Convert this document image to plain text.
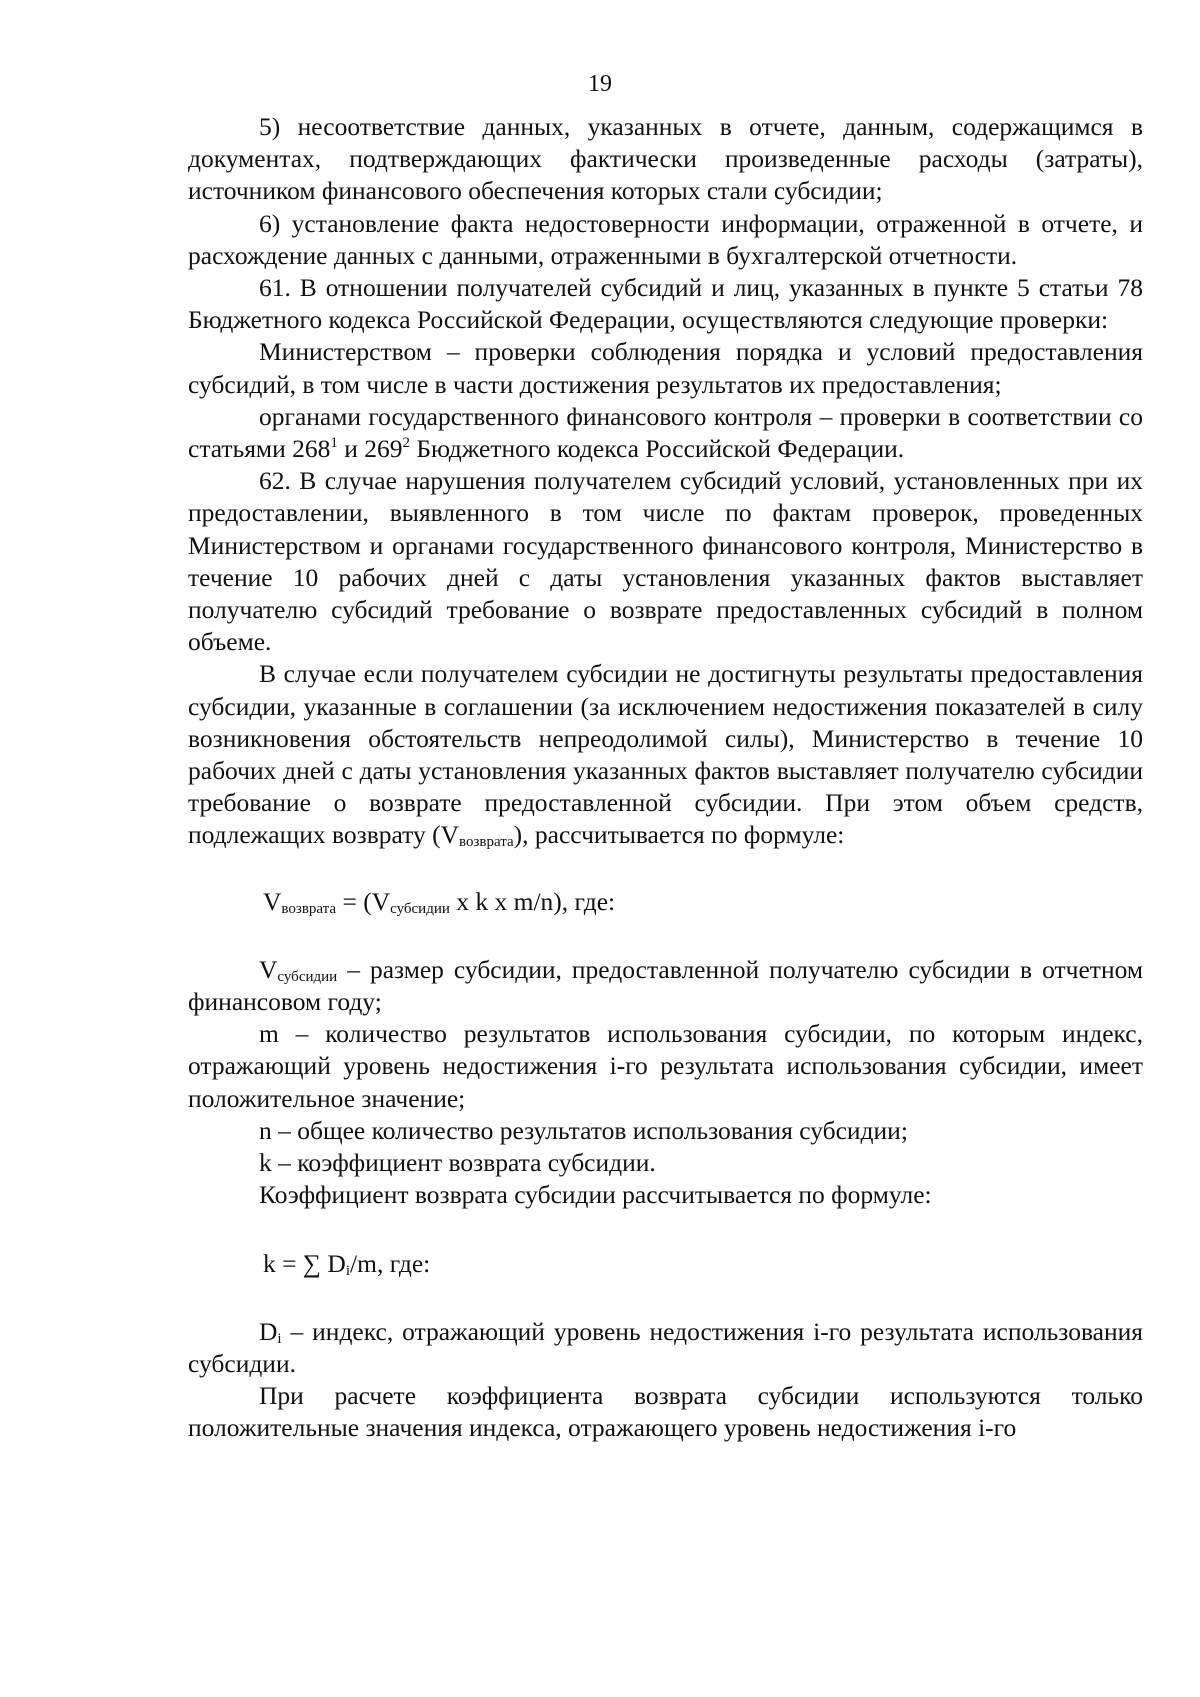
19

5) несоответствие данных, указанных в отчете, данным, содержащимся в документах, подтверждающих фактически произведенные расходы (затраты), источником финансового обеспечения которых стали субсидии;

6) установление факта недостоверности информации, отраженной в отчете, и расхождение данных с данными, отраженными в бухгалтерской отчетности.

61. В отношении получателей субсидий и лиц, указанных в пункте 5 статьи 78 Бюджетного кодекса Российской Федерации, осуществляются следующие проверки:

Министерством – проверки соблюдения порядка и условий предоставления субсидий, в том числе в части достижения результатов их предоставления;

органами государственного финансового контроля – проверки в соответствии со статьями $268^1$ и $269^2$ Бюджетного кодекса Российской Федерации.

62. В случае нарушения получателем субсидий условий, установленных при их предоставлении, выявленного в том числе по фактам проверок, проведенных Министерством и органами государственного финансового контроля, Министерство в течение 10 рабочих дней с даты установления указанных фактов выставляет получателю субсидий требование о возврате предоставленных субсидий в полном объеме.

В случае если получателем субсидии не достигнуты результаты предоставления субсидии, указанные в соглашении (за исключением недостижения показателей в силу возникновения обстоятельств непреодолимой силы), Министерство в течение 10 рабочих дней с даты установления указанных фактов выставляет получателю субсидии требование о возврате предоставленной субсидии. При этом объем средств, подлежащих возврату $(V_{возврата})$, рассчитывается по формуле:

$V_{возврата} = (V_{субсидии}$ x k x m/n), где:

$V_{субсидии}$ – размер субсидии, предоставленной получателю субсидии в отчетном финансовом году;

m – количество результатов использования субсидии, по которым индекс, отражающий уровень недостижения i-го результата использования субсидии, имеет положительное значение;

n – общее количество результатов использования субсидии;

k – коэффициент возврата субсидии.

Коэффициент возврата субсидии рассчитывается по формуле:

k = ∑ $D_i/m$, где:

$D_i$ – индекс, отражающий уровень недостижения i-го результата использования субсидии.

При расчете коэффициента возврата субсидии используются только положительные значения индекса, отражающего уровень недостижения i-го
